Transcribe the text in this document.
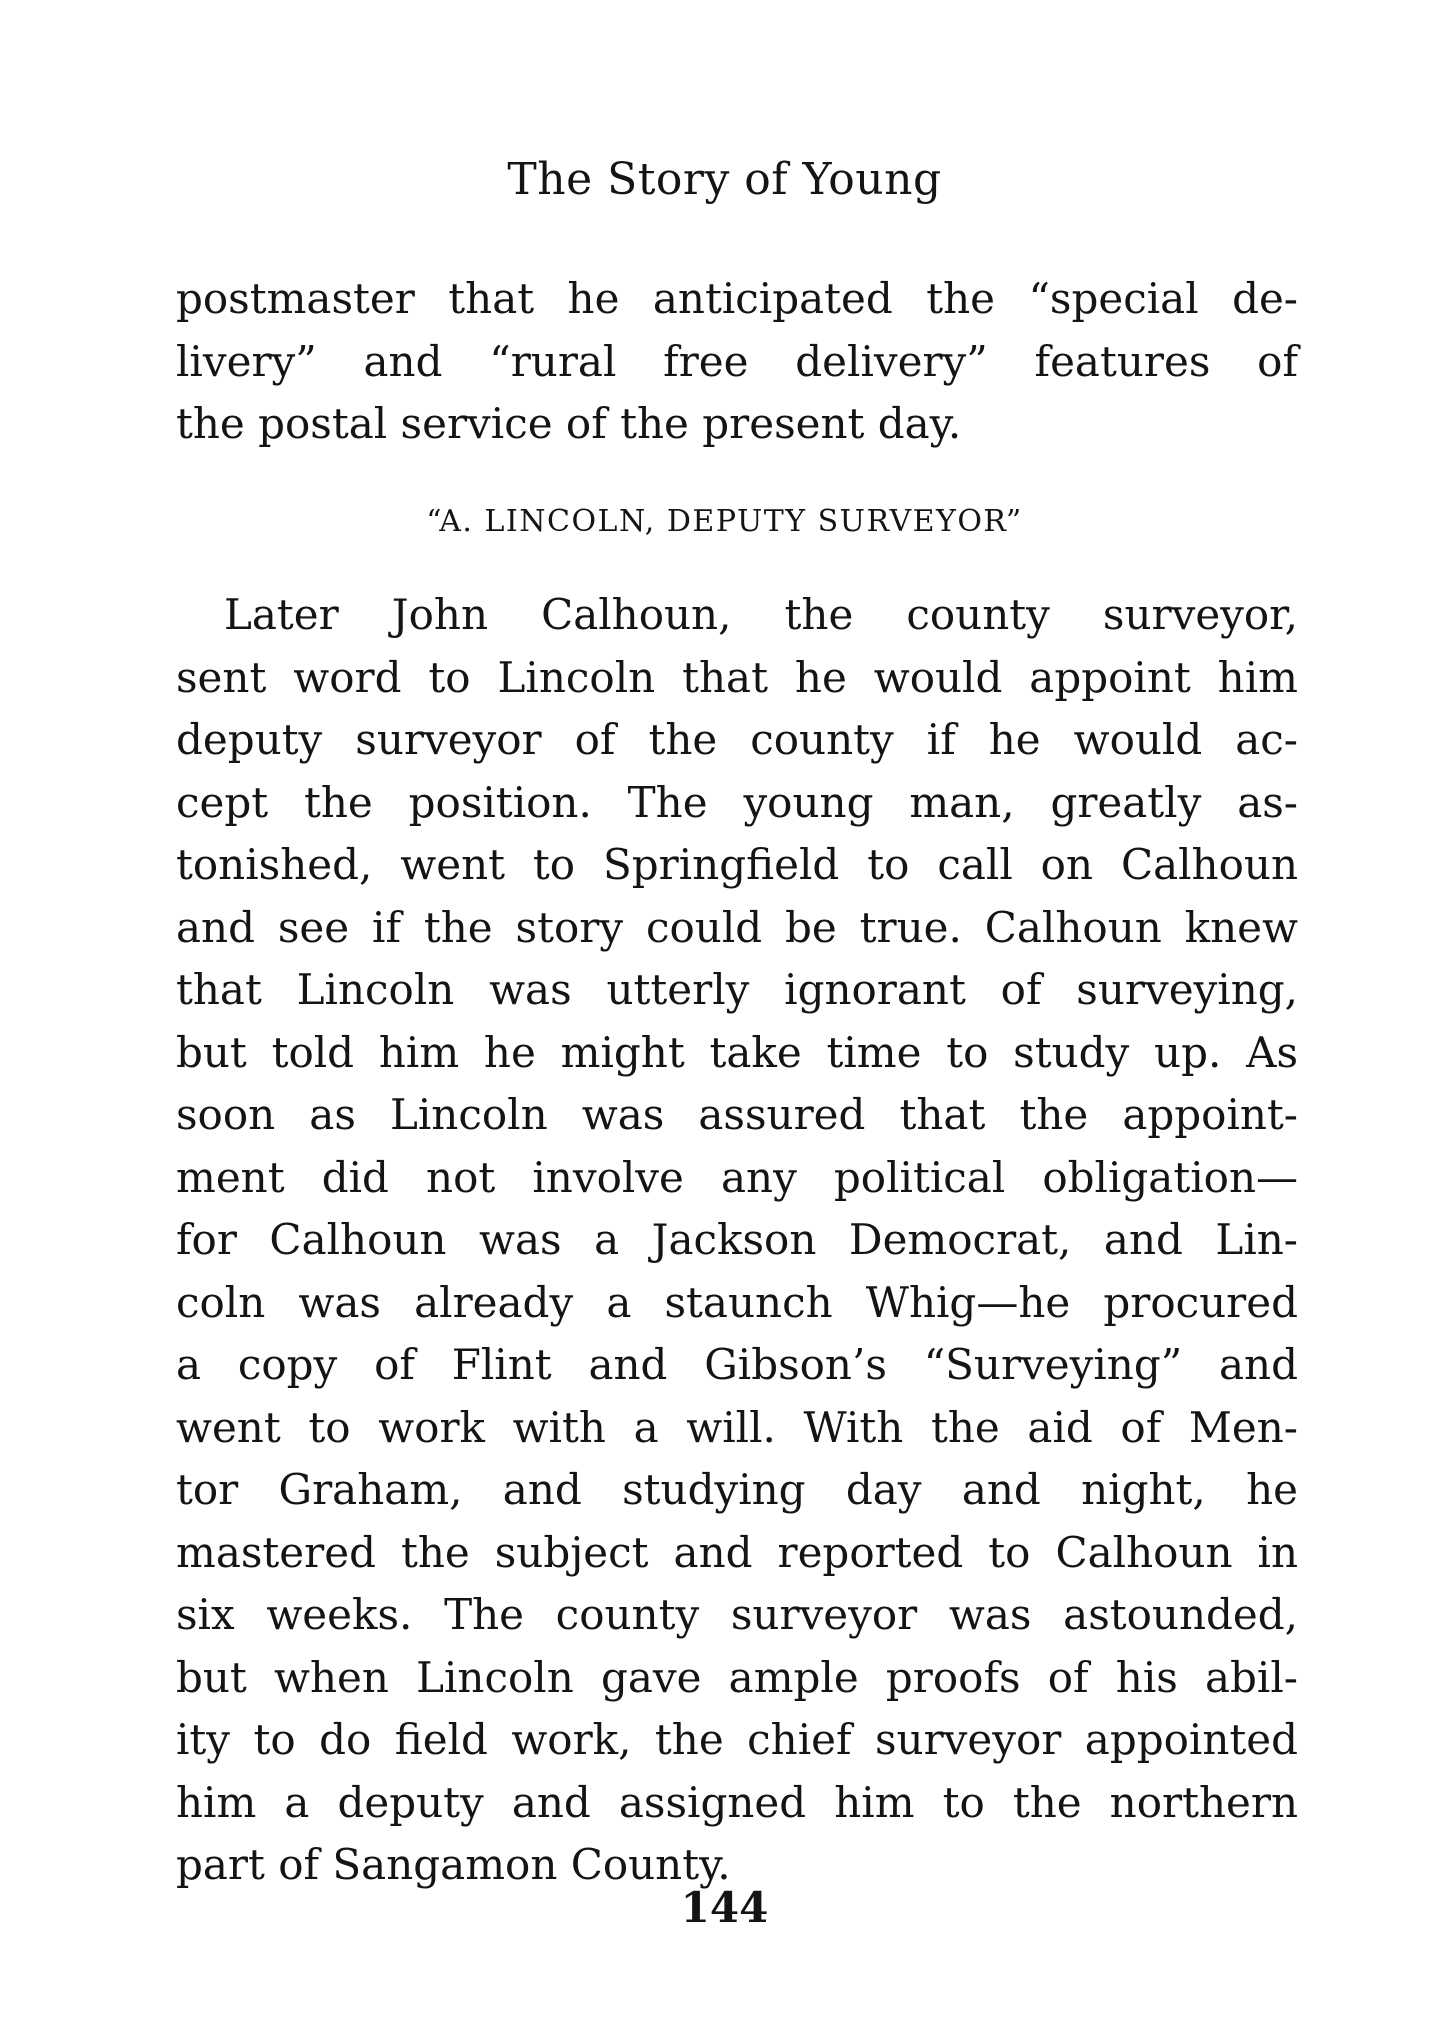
The Story of Young
postmaster that he anticipated the “special de-
livery” and “rural free delivery” features of
the postal service of the present day.
“A. LINCOLN, DEPUTY SURVEYOR”
Later John Calhoun, the county surveyor,
sent word to Lincoln that he would appoint him
deputy surveyor of the county if he would ac-
cept the position. The young man, greatly as-
tonished, went to Springfield to call on Calhoun
and see if the story could be true. Calhoun knew
that Lincoln was utterly ignorant of surveying,
but told him he might take time to study up. As
soon as Lincoln was assured that the appoint-
ment did not involve any political obligation—
for Calhoun was a Jackson Democrat, and Lin-
coln was already a staunch Whig—he procured
a copy of Flint and Gibson’s “Surveying” and
went to work with a will. With the aid of Men-
tor Graham, and studying day and night, he
mastered the subject and reported to Calhoun in
six weeks. The county surveyor was astounded,
but when Lincoln gave ample proofs of his abil-
ity to do field work, the chief surveyor appointed
him a deputy and assigned him to the northern
part of Sangamon County.
144
